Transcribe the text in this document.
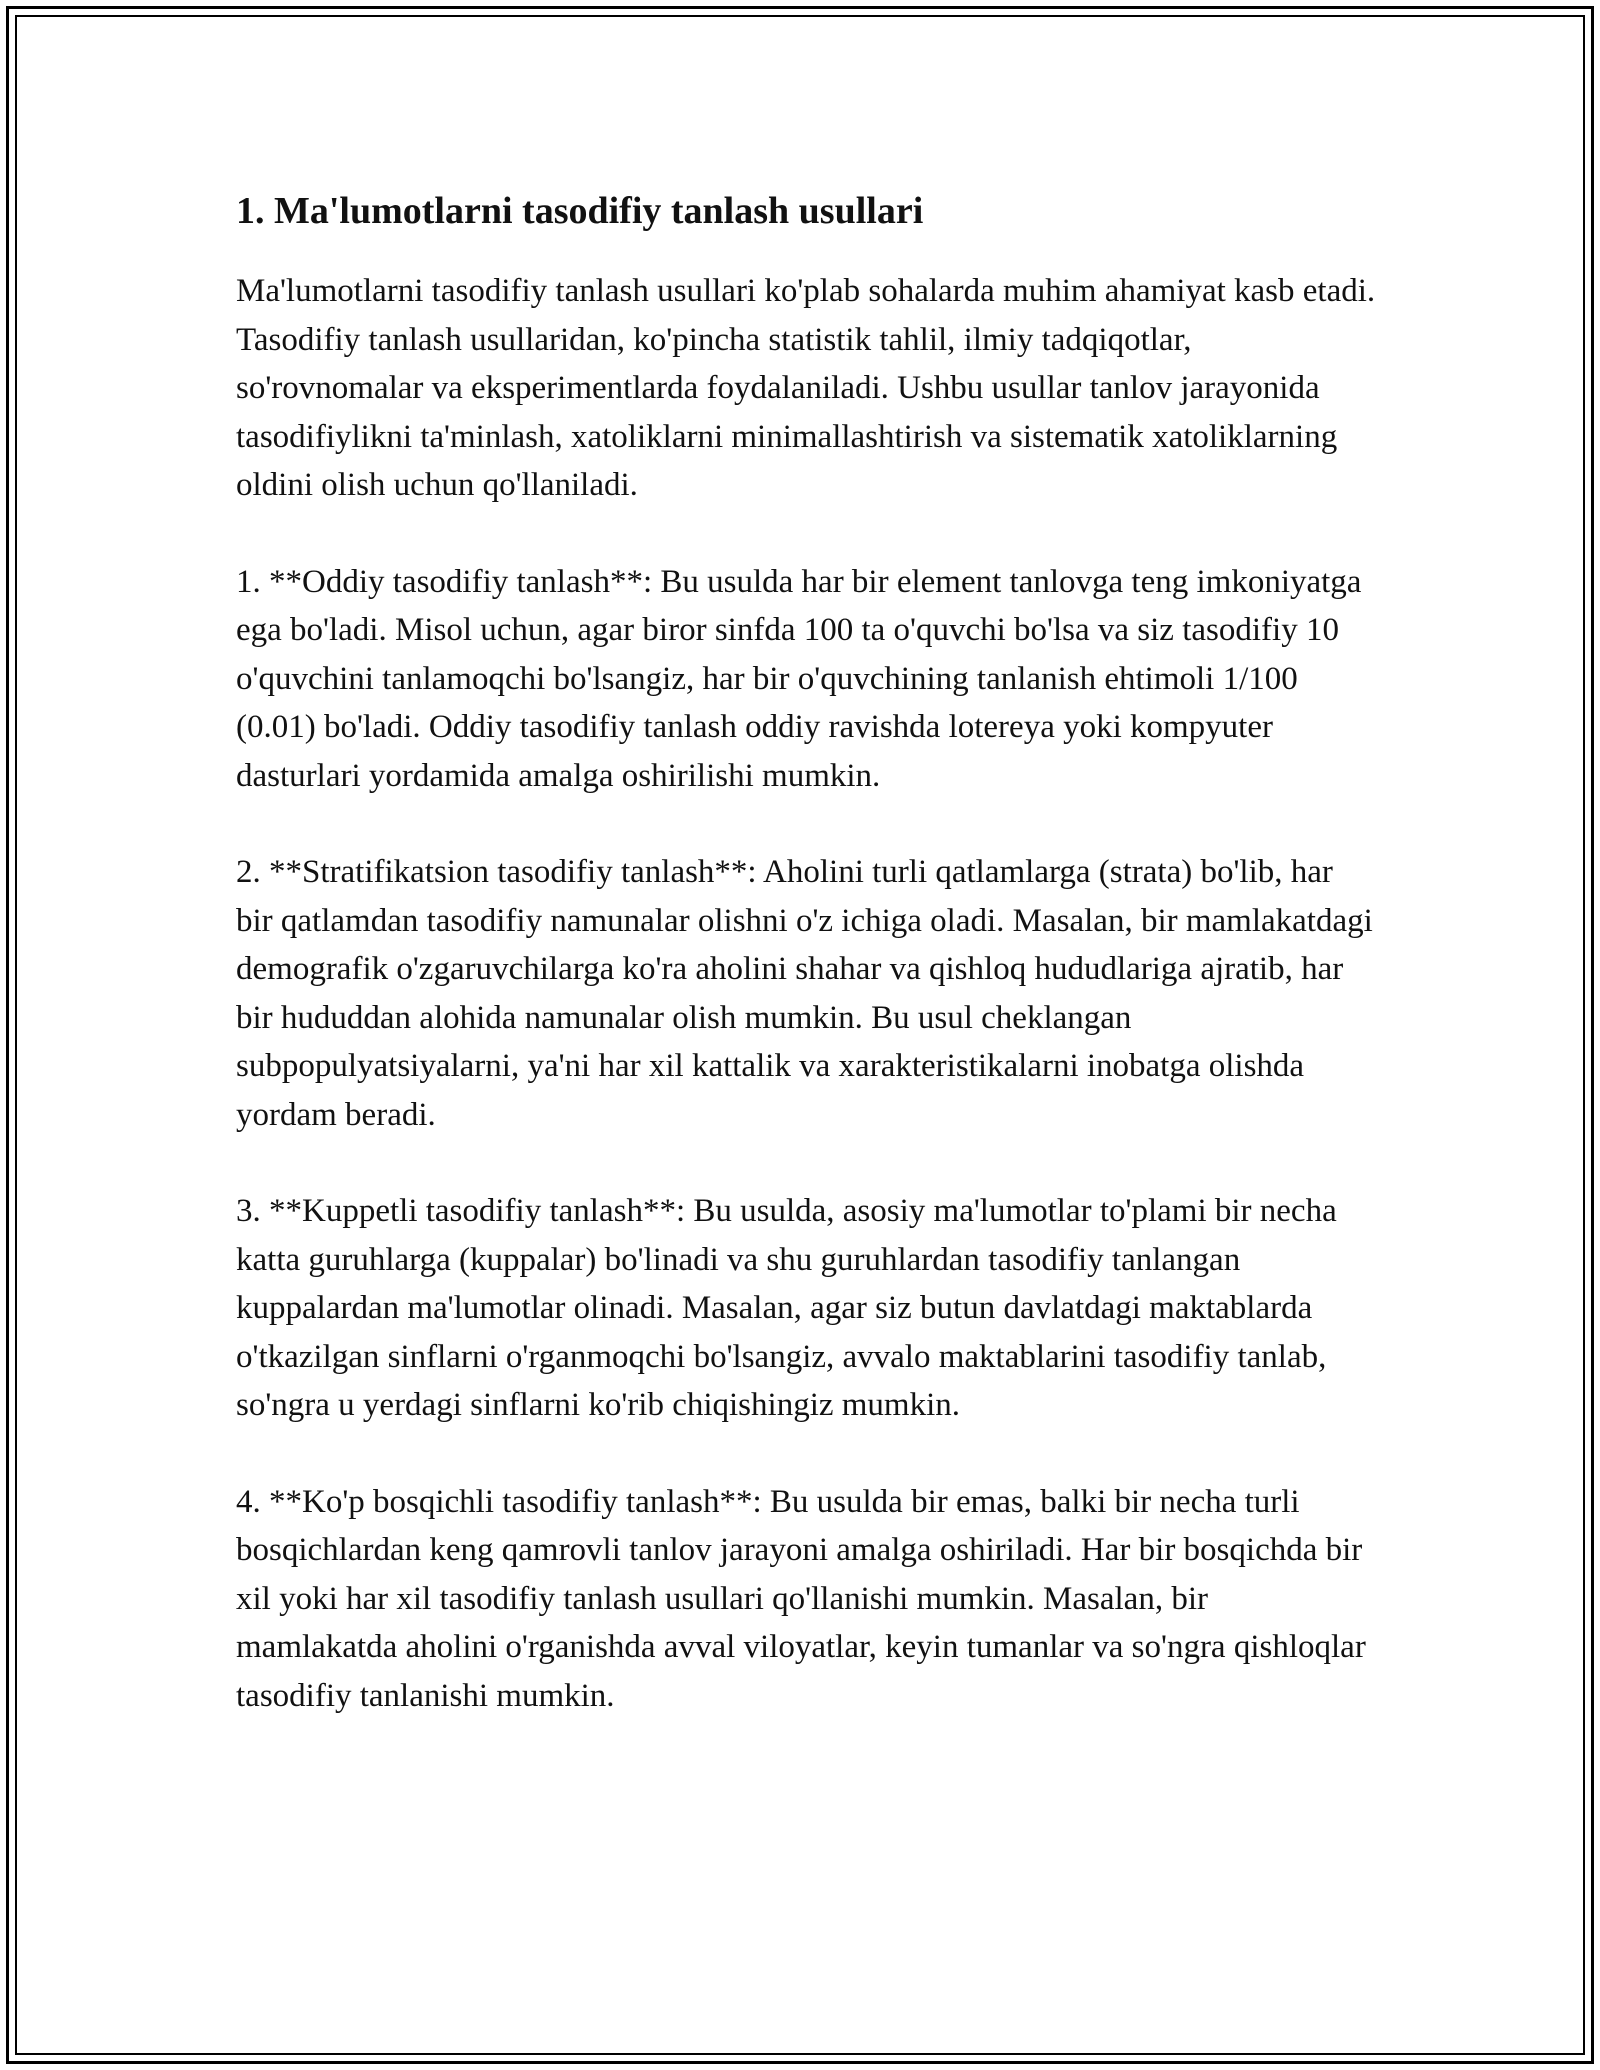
1. Ma'lumotlarni tasodifiy tanlash usullari

Ma'lumotlarni tasodifiy tanlash usullari ko'plab sohalarda muhim ahamiyat kasb etadi. Tasodifiy tanlash usullaridan, ko'pincha statistik tahlil, ilmiy tadqiqotlar, so'rovnomalar va eksperimentlarda foydalaniladi. Ushbu usullar tanlov jarayonida tasodifiylikni ta'minlash, xatoliklarni minimallashtirish va sistematik xatoliklarning oldini olish uchun qo'llaniladi.

1. **Oddiy tasodifiy tanlash**: Bu usulda har bir element tanlovga teng imkoniyatga ega bo'ladi. Misol uchun, agar biror sinfda 100 ta o'quvchi bo'lsa va siz tasodifiy 10 o'quvchini tanlamoqchi bo'lsangiz, har bir o'quvchining tanlanish ehtimoli 1/100 (0.01) bo'ladi. Oddiy tasodifiy tanlash oddiy ravishda lotereya yoki kompyuter dasturlari yordamida amalga oshirilishi mumkin.

2. **Stratifikatsion tasodifiy tanlash**: Aholini turli qatlamlarga (strata) bo'lib, har bir qatlamdan tasodifiy namunalar olishni o'z ichiga oladi. Masalan, bir mamlakatdagi demografik o'zgaruvchilarga ko'ra aholini shahar va qishloq hududlariga ajratib, har bir hududdan alohida namunalar olish mumkin. Bu usul cheklangan subpopulyatsiyalarni, ya'ni har xil kattalik va xarakteristikalarni inobatga olishda yordam beradi.

3. **Kuppetli tasodifiy tanlash**: Bu usulda, asosiy ma'lumotlar to'plami bir necha katta guruhlarga (kuppalar) bo'linadi va shu guruhlardan tasodifiy tanlangan kuppalardan ma'lumotlar olinadi. Masalan, agar siz butun davlatdagi maktablarda o'tkazilgan sinflarni o'rganmoqchi bo'lsangiz, avvalo maktablarini tasodifiy tanlab, so'ngra u yerdagi sinflarni ko'rib chiqishingiz mumkin.

4. **Ko'p bosqichli tasodifiy tanlash**: Bu usulda bir emas, balki bir necha turli bosqichlardan keng qamrovli tanlov jarayoni amalga oshiriladi. Har bir bosqichda bir xil yoki har xil tasodifiy tanlash usullari qo'llanishi mumkin. Masalan, bir mamlakatda aholini o'rganishda avval viloyatlar, keyin tumanlar va so'ngra qishloqlar tasodifiy tanlanishi mumkin.
